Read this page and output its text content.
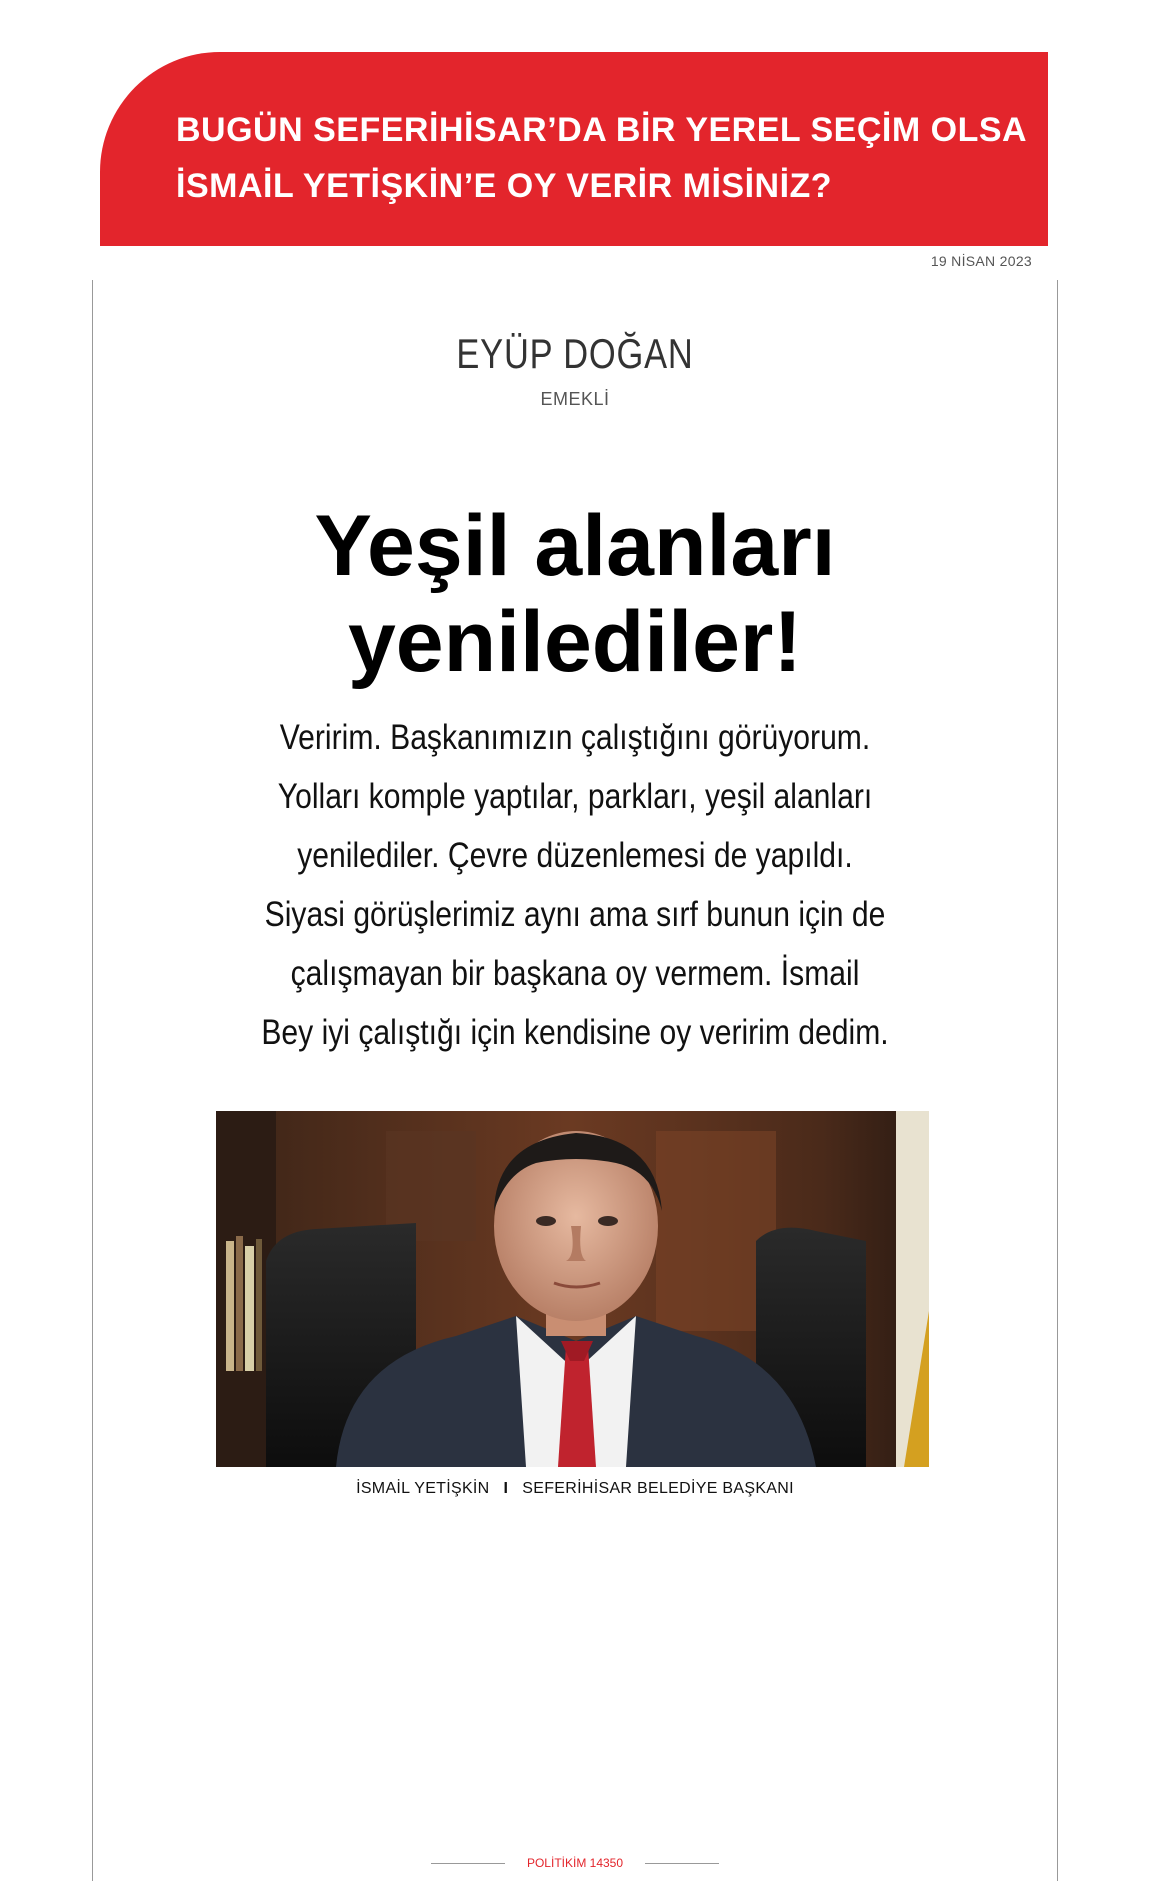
BUGÜN SEFERİHİSAR’DA BİR YEREL SEÇİM OLSA
İSMAİL YETİŞKİN’E OY VERİR MİSİNİZ?
19 NİSAN 2023
EYÜP DOĞAN
EMEKLİ
Yeşil alanları
yenilediler!
Veririm. Başkanımızın çalıştığını görüyorum.
Yolları komple yaptılar, parkları, yeşil alanları
yenilediler. Çevre düzenlemesi de yapıldı.
Siyasi görüşlerimiz aynı ama sırf bunun için de
çalışmayan bir başkana oy vermem. İsmail
Bey iyi çalıştığı için kendisine oy veririm dedim.
İSMAİL YETİŞKİN I SEFERİHİSAR BELEDİYE BAŞKANI
POLİTİKİM 14350
